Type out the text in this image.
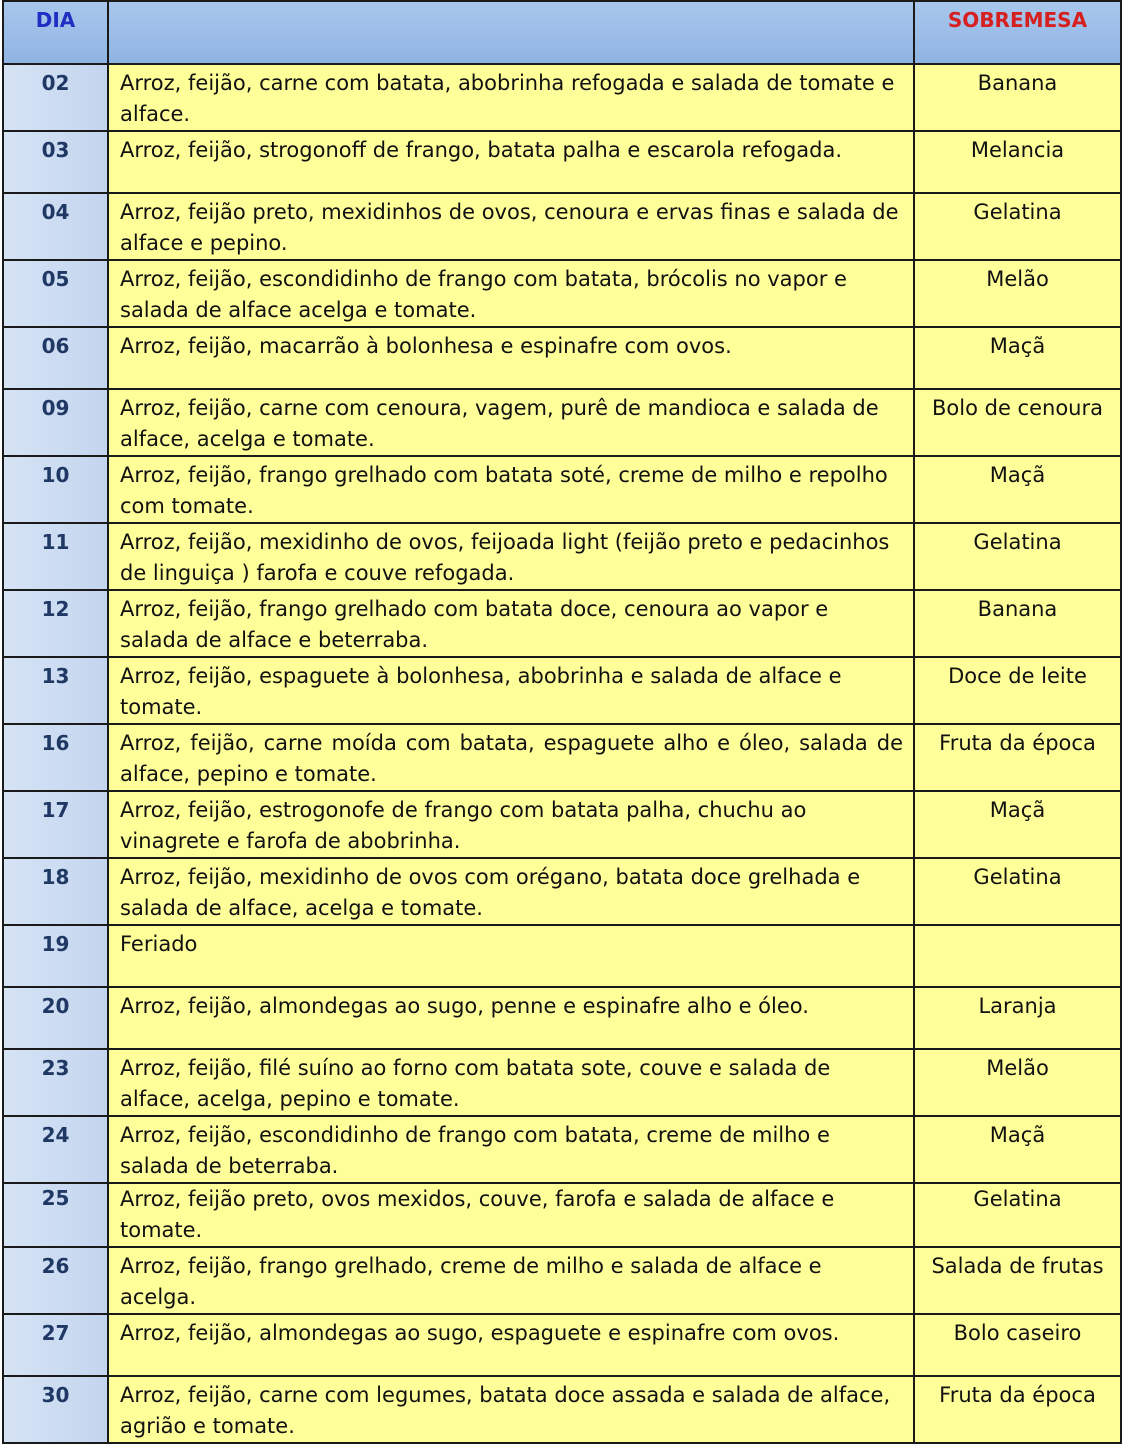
DIA		SOBREMESA
02	Arroz, feijão, carne com batata, abobrinha refogada e salada de tomate e alface.	Banana
03	Arroz, feijão, strogonoff de frango, batata palha e escarola refogada.	Melancia
04	Arroz, feijão preto, mexidinhos de ovos, cenoura e ervas finas e salada de alface e pepino.	Gelatina
05	Arroz, feijão, escondidinho de frango com batata, brócolis no vapor e salada de alface acelga e tomate.	Melão
06	Arroz, feijão, macarrão à bolonhesa e espinafre com ovos.	Maçã
09	Arroz, feijão, carne com cenoura, vagem, purê de mandioca e salada de alface, acelga e tomate.	Bolo de cenoura
10	Arroz, feijão, frango grelhado com batata soté, creme de milho e repolho com tomate.	Maçã
11	Arroz, feijão, mexidinho de ovos, feijoada light (feijão preto e pedacinhos de linguiça ) farofa e couve refogada.	Gelatina
12	Arroz, feijão, frango grelhado com batata doce, cenoura ao vapor e salada de alface e beterraba.	Banana
13	Arroz, feijão, espaguete à bolonhesa, abobrinha e salada de alface e tomate.	Doce de leite
16	Arroz, feijão, carne moída com batata, espaguete alho e óleo, salada de alface, pepino e tomate.	Fruta da época
17	Arroz, feijão, estrogonofe de frango com batata palha, chuchu ao vinagrete e farofa de abobrinha.	Maçã
18	Arroz, feijão, mexidinho de ovos com orégano, batata doce grelhada e salada de alface, acelga e tomate.	Gelatina
19	Feriado	
20	Arroz, feijão, almondegas ao sugo, penne e espinafre alho e óleo.	Laranja
23	Arroz, feijão, filé suíno ao forno com batata sote, couve e salada de alface, acelga, pepino e tomate.	Melão
24	Arroz, feijão, escondidinho de frango com batata, creme de milho e salada de beterraba.	Maçã
25	Arroz, feijão preto, ovos mexidos, couve, farofa e salada de alface e tomate.	Gelatina
26	Arroz, feijão, frango grelhado, creme de milho e salada de alface e acelga.	Salada de frutas
27	Arroz, feijão, almondegas ao sugo, espaguete e espinafre com ovos.	Bolo caseiro
30	Arroz, feijão, carne com legumes, batata doce assada e salada de alface, agrião e tomate.	Fruta da época
